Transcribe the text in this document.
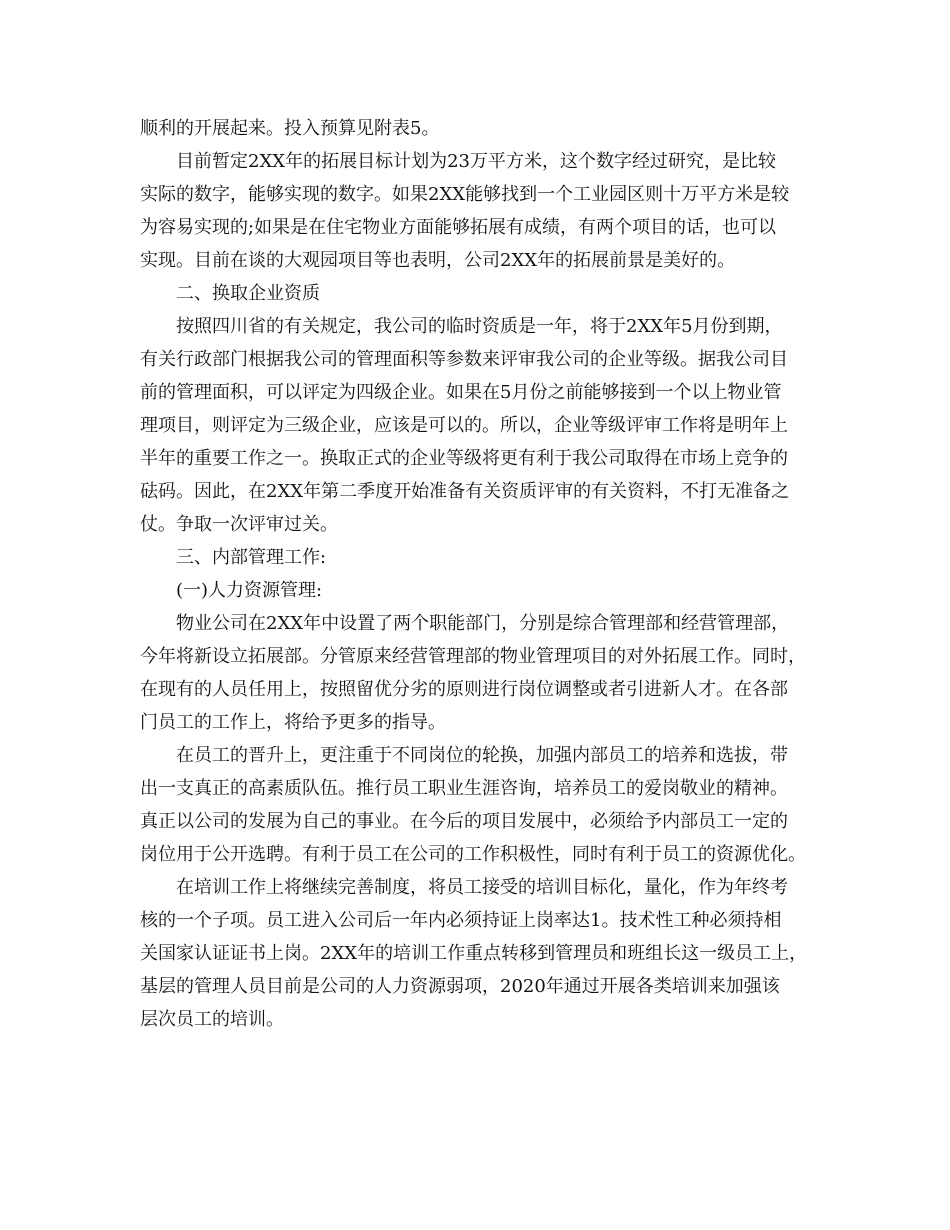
顺利的开展起来。投入预算见附表5。
目前暂定2XX年的拓展目标计划为23万平方米，这个数字经过研究，是比较
实际的数字，能够实现的数字。如果2XX能够找到一个工业园区则十万平方米是较
为容易实现的;如果是在住宅物业方面能够拓展有成绩，有两个项目的话，也可以
实现。目前在谈的大观园项目等也表明，公司2XX年的拓展前景是美好的。
二、换取企业资质
按照四川省的有关规定，我公司的临时资质是一年，将于2XX年5月份到期，
有关行政部门根据我公司的管理面积等参数来评审我公司的企业等级。据我公司目
前的管理面积，可以评定为四级企业。如果在5月份之前能够接到一个以上物业管
理项目，则评定为三级企业，应该是可以的。所以，企业等级评审工作将是明年上
半年的重要工作之一。换取正式的企业等级将更有利于我公司取得在市场上竞争的
砝码。因此，在2XX年第二季度开始准备有关资质评审的有关资料，不打无准备之
仗。争取一次评审过关。
三、内部管理工作:
(一)人力资源管理:
物业公司在2XX年中设置了两个职能部门，分别是综合管理部和经营管理部，
今年将新设立拓展部。分管原来经营管理部的物业管理项目的对外拓展工作。同时，
在现有的人员任用上，按照留优分劣的原则进行岗位调整或者引进新人才。在各部
门员工的工作上，将给予更多的指导。
在员工的晋升上，更注重于不同岗位的轮换，加强内部员工的培养和选拔，带
出一支真正的高素质队伍。推行员工职业生涯咨询，培养员工的爱岗敬业的精神。
真正以公司的发展为自己的事业。在今后的项目发展中，必须给予内部员工一定的
岗位用于公开选聘。有利于员工在公司的工作积极性，同时有利于员工的资源优化。
在培训工作上将继续完善制度，将员工接受的培训目标化，量化，作为年终考
核的一个子项。员工进入公司后一年内必须持证上岗率达1。技术性工种必须持相
关国家认证证书上岗。2XX年的培训工作重点转移到管理员和班组长这一级员工上，
基层的管理人员目前是公司的人力资源弱项，2020年通过开展各类培训来加强该
层次员工的培训。
